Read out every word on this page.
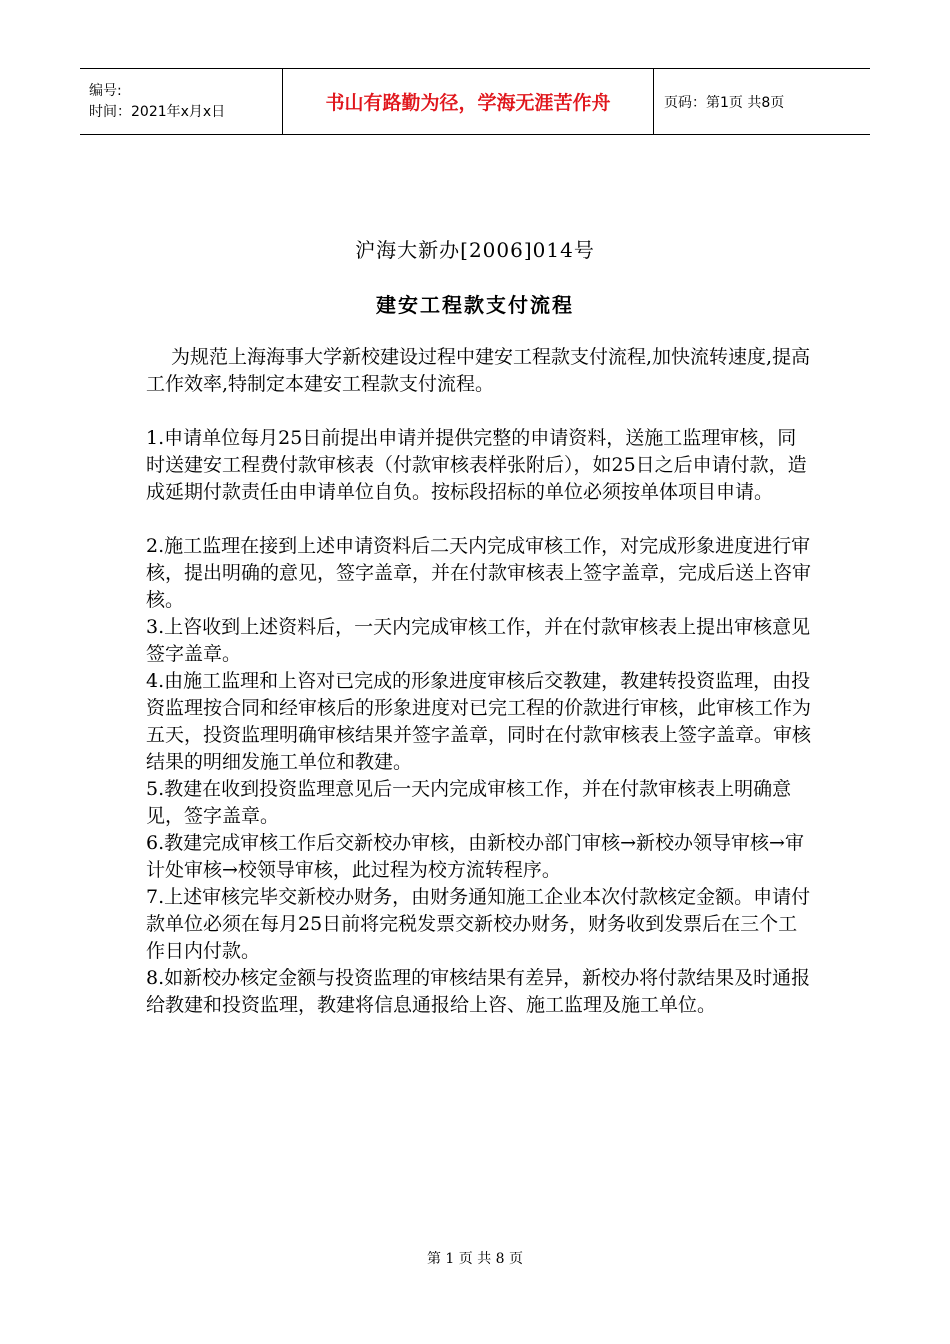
编号:
时间：2021年x月x日	书山有路勤为径，学海无涯苦作舟	页码：第1页 共8页
沪海大新办[2006]014号
建安工程款支付流程

为规范上海海事大学新校建设过程中建安工程款支付流程,加快流转速度,提高工作效率,特制定本建安工程款支付流程。

1.申请单位每月25日前提出申请并提供完整的申请资料，送施工监理审核，同时送建安工程费付款审核表（付款审核表样张附后），如25日之后申请付款，造成延期付款责任由申请单位自负。按标段招标的单位必须按单体项目申请。

2.施工监理在接到上述申请资料后二天内完成审核工作，对完成形象进度进行审核，提出明确的意见，签字盖章，并在付款审核表上签字盖章，完成后送上咨审核。

3.上咨收到上述资料后，一天内完成审核工作，并在付款审核表上提出审核意见签字盖章。

4.由施工监理和上咨对已完成的形象进度审核后交教建，教建转投资监理，由投资监理按合同和经审核后的形象进度对已完工程的价款进行审核，此审核工作为五天，投资监理明确审核结果并签字盖章，同时在付款审核表上签字盖章。审核结果的明细发施工单位和教建。

5.教建在收到投资监理意见后一天内完成审核工作，并在付款审核表上明确意见，签字盖章。

6.教建完成审核工作后交新校办审核，由新校办部门审核→新校办领导审核→审计处审核→校领导审核，此过程为校方流转程序。

7.上述审核完毕交新校办财务，由财务通知施工企业本次付款核定金额。申请付款单位必须在每月25日前将完税发票交新校办财务，财务收到发票后在三个工作日内付款。

8.如新校办核定金额与投资监理的审核结果有差异，新校办将付款结果及时通报给教建和投资监理，教建将信息通报给上咨、施工监理及施工单位。

第 1 页 共 8 页
